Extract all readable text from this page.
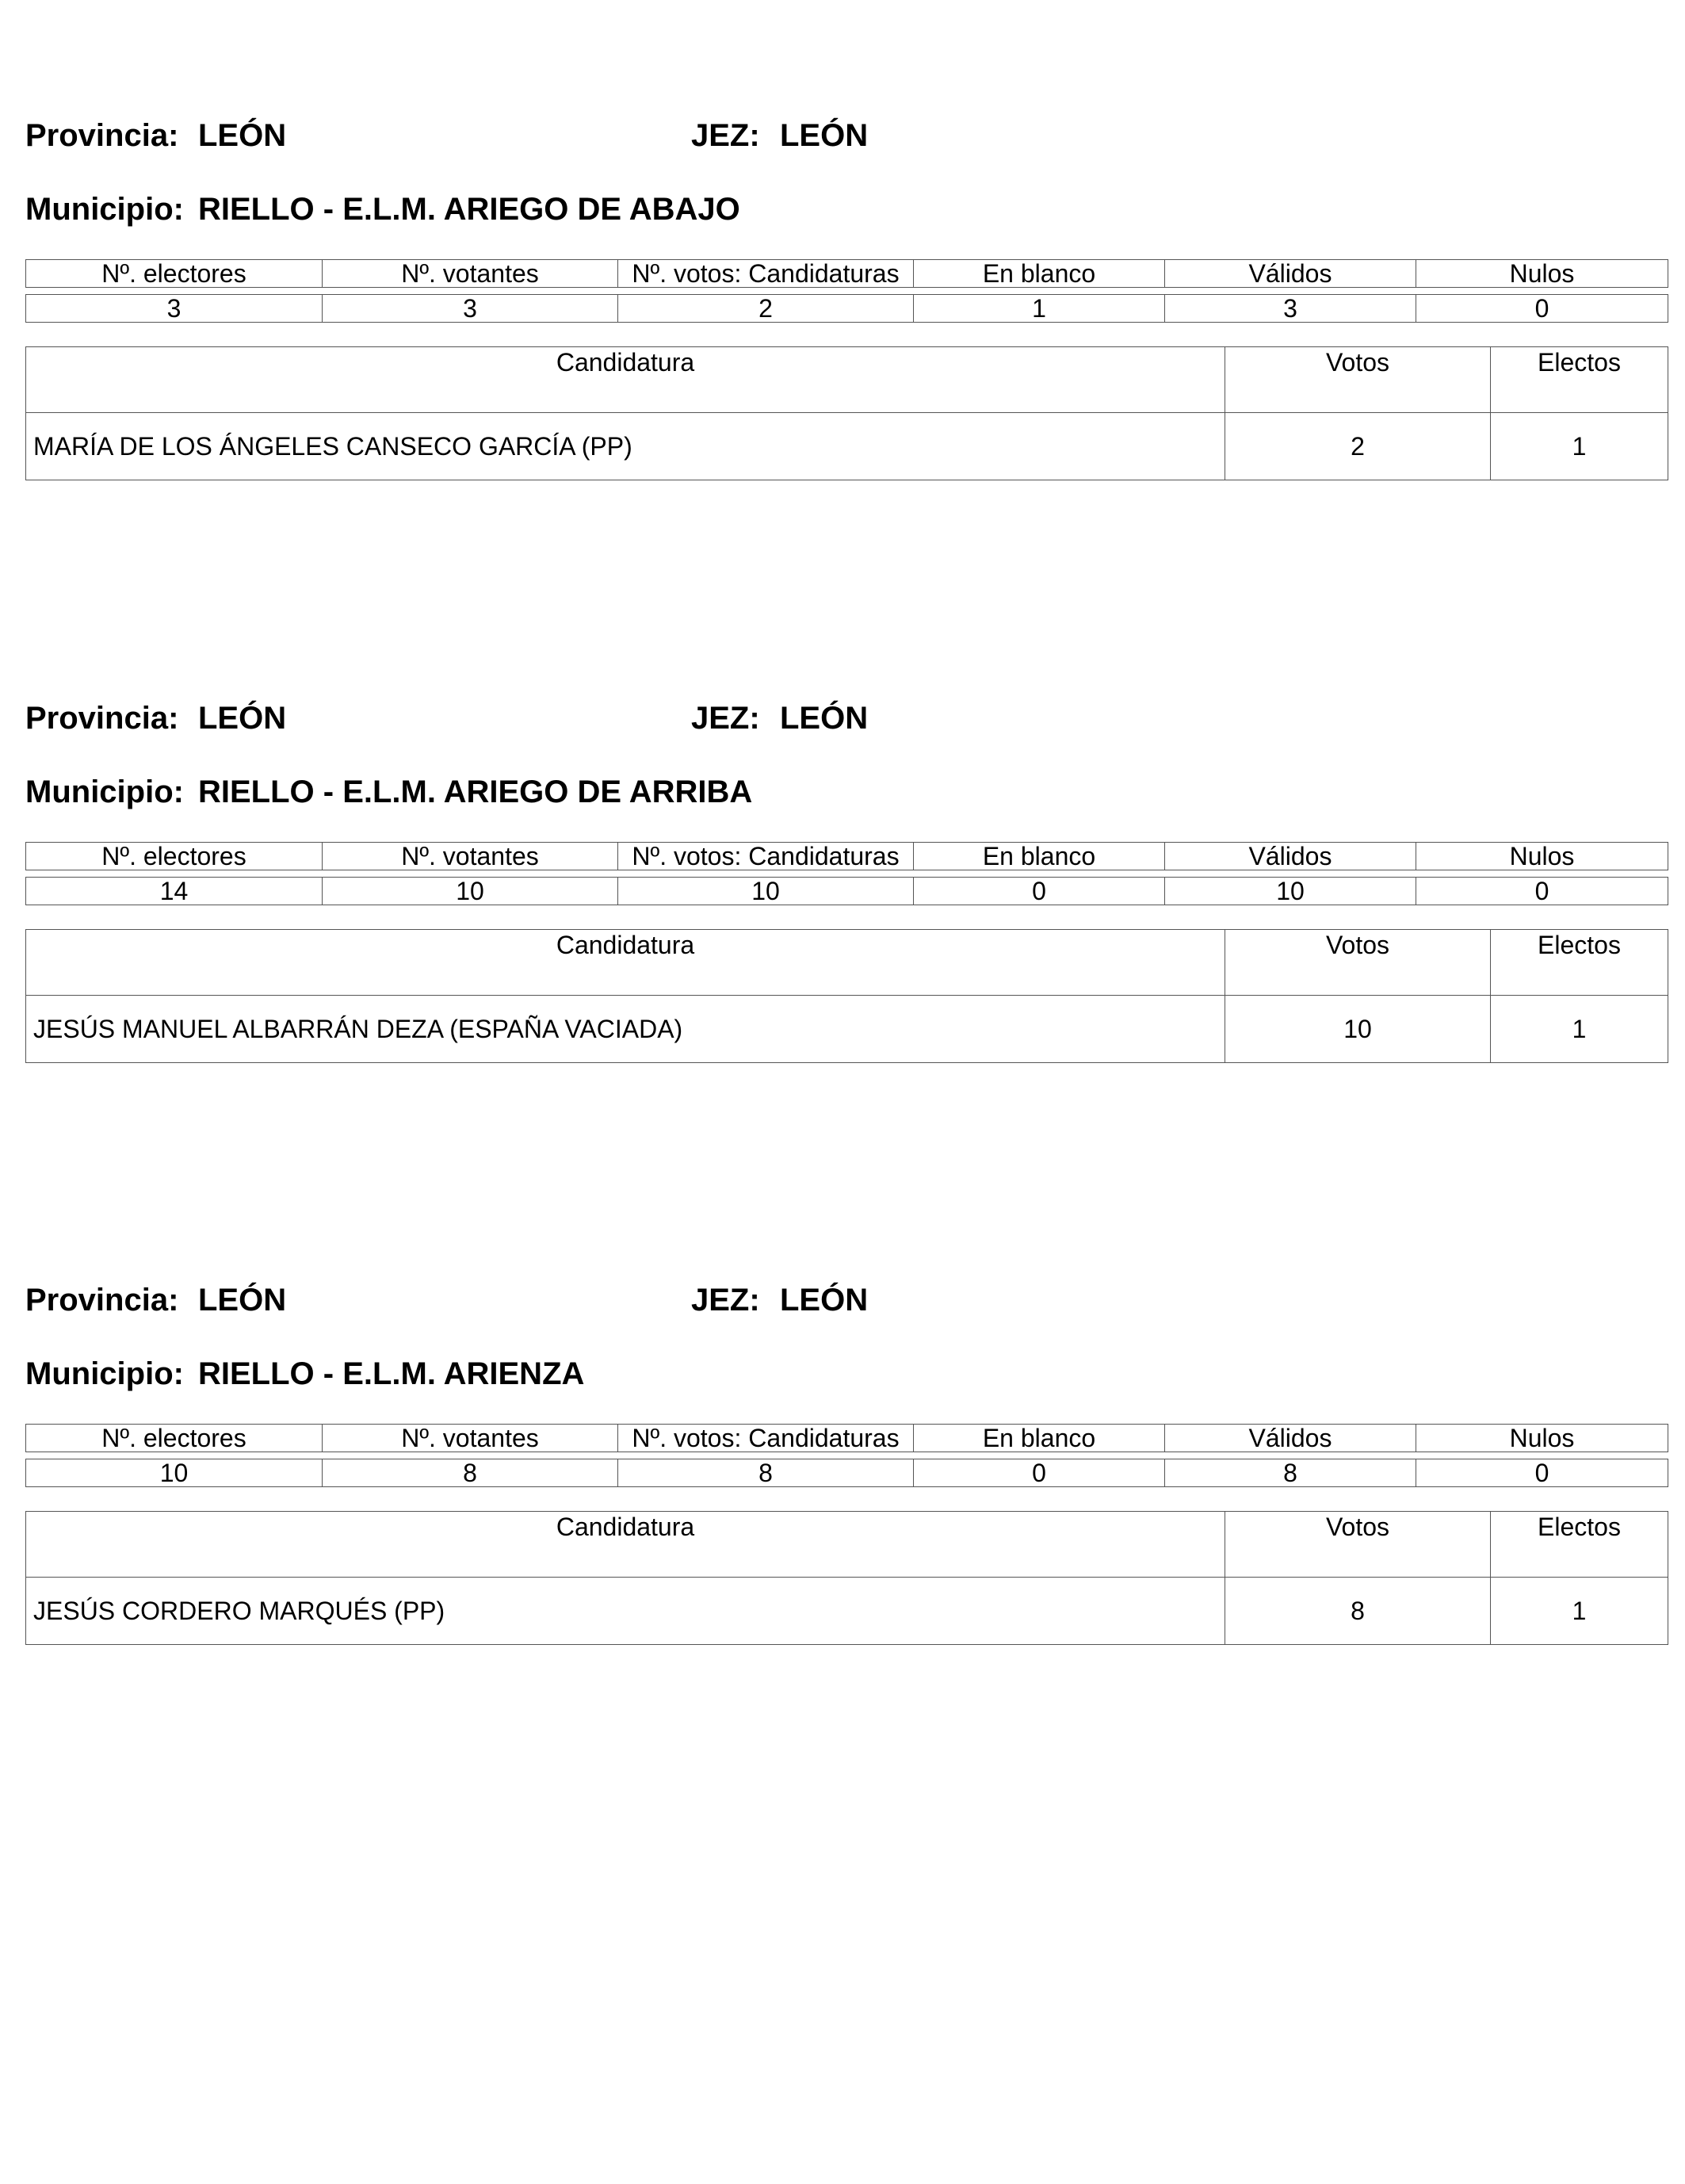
Provincia: LEÓN	JEZ: LEÓN
Municipio: RIELLO - E.L.M. ARIEGO DE ABAJO
Nº. electores	Nº. votantes	Nº. votos: Candidaturas	En blanco	Válidos	Nulos
3	3	2	1	3	0
Candidatura	Votos	Electos
MARÍA DE LOS ÁNGELES CANSECO GARCÍA (PP)	2	1
Provincia: LEÓN	JEZ: LEÓN
Municipio: RIELLO - E.L.M. ARIEGO DE ARRIBA
Nº. electores	Nº. votantes	Nº. votos: Candidaturas	En blanco	Válidos	Nulos
14	10	10	0	10	0
Candidatura	Votos	Electos
JESÚS MANUEL ALBARRÁN DEZA (ESPAÑA VACIADA)	10	1
Provincia: LEÓN	JEZ: LEÓN
Municipio: RIELLO - E.L.M. ARIENZA
Nº. electores	Nº. votantes	Nº. votos: Candidaturas	En blanco	Válidos	Nulos
10	8	8	0	8	0
Candidatura	Votos	Electos
JESÚS CORDERO MARQUÉS (PP)	8	1
